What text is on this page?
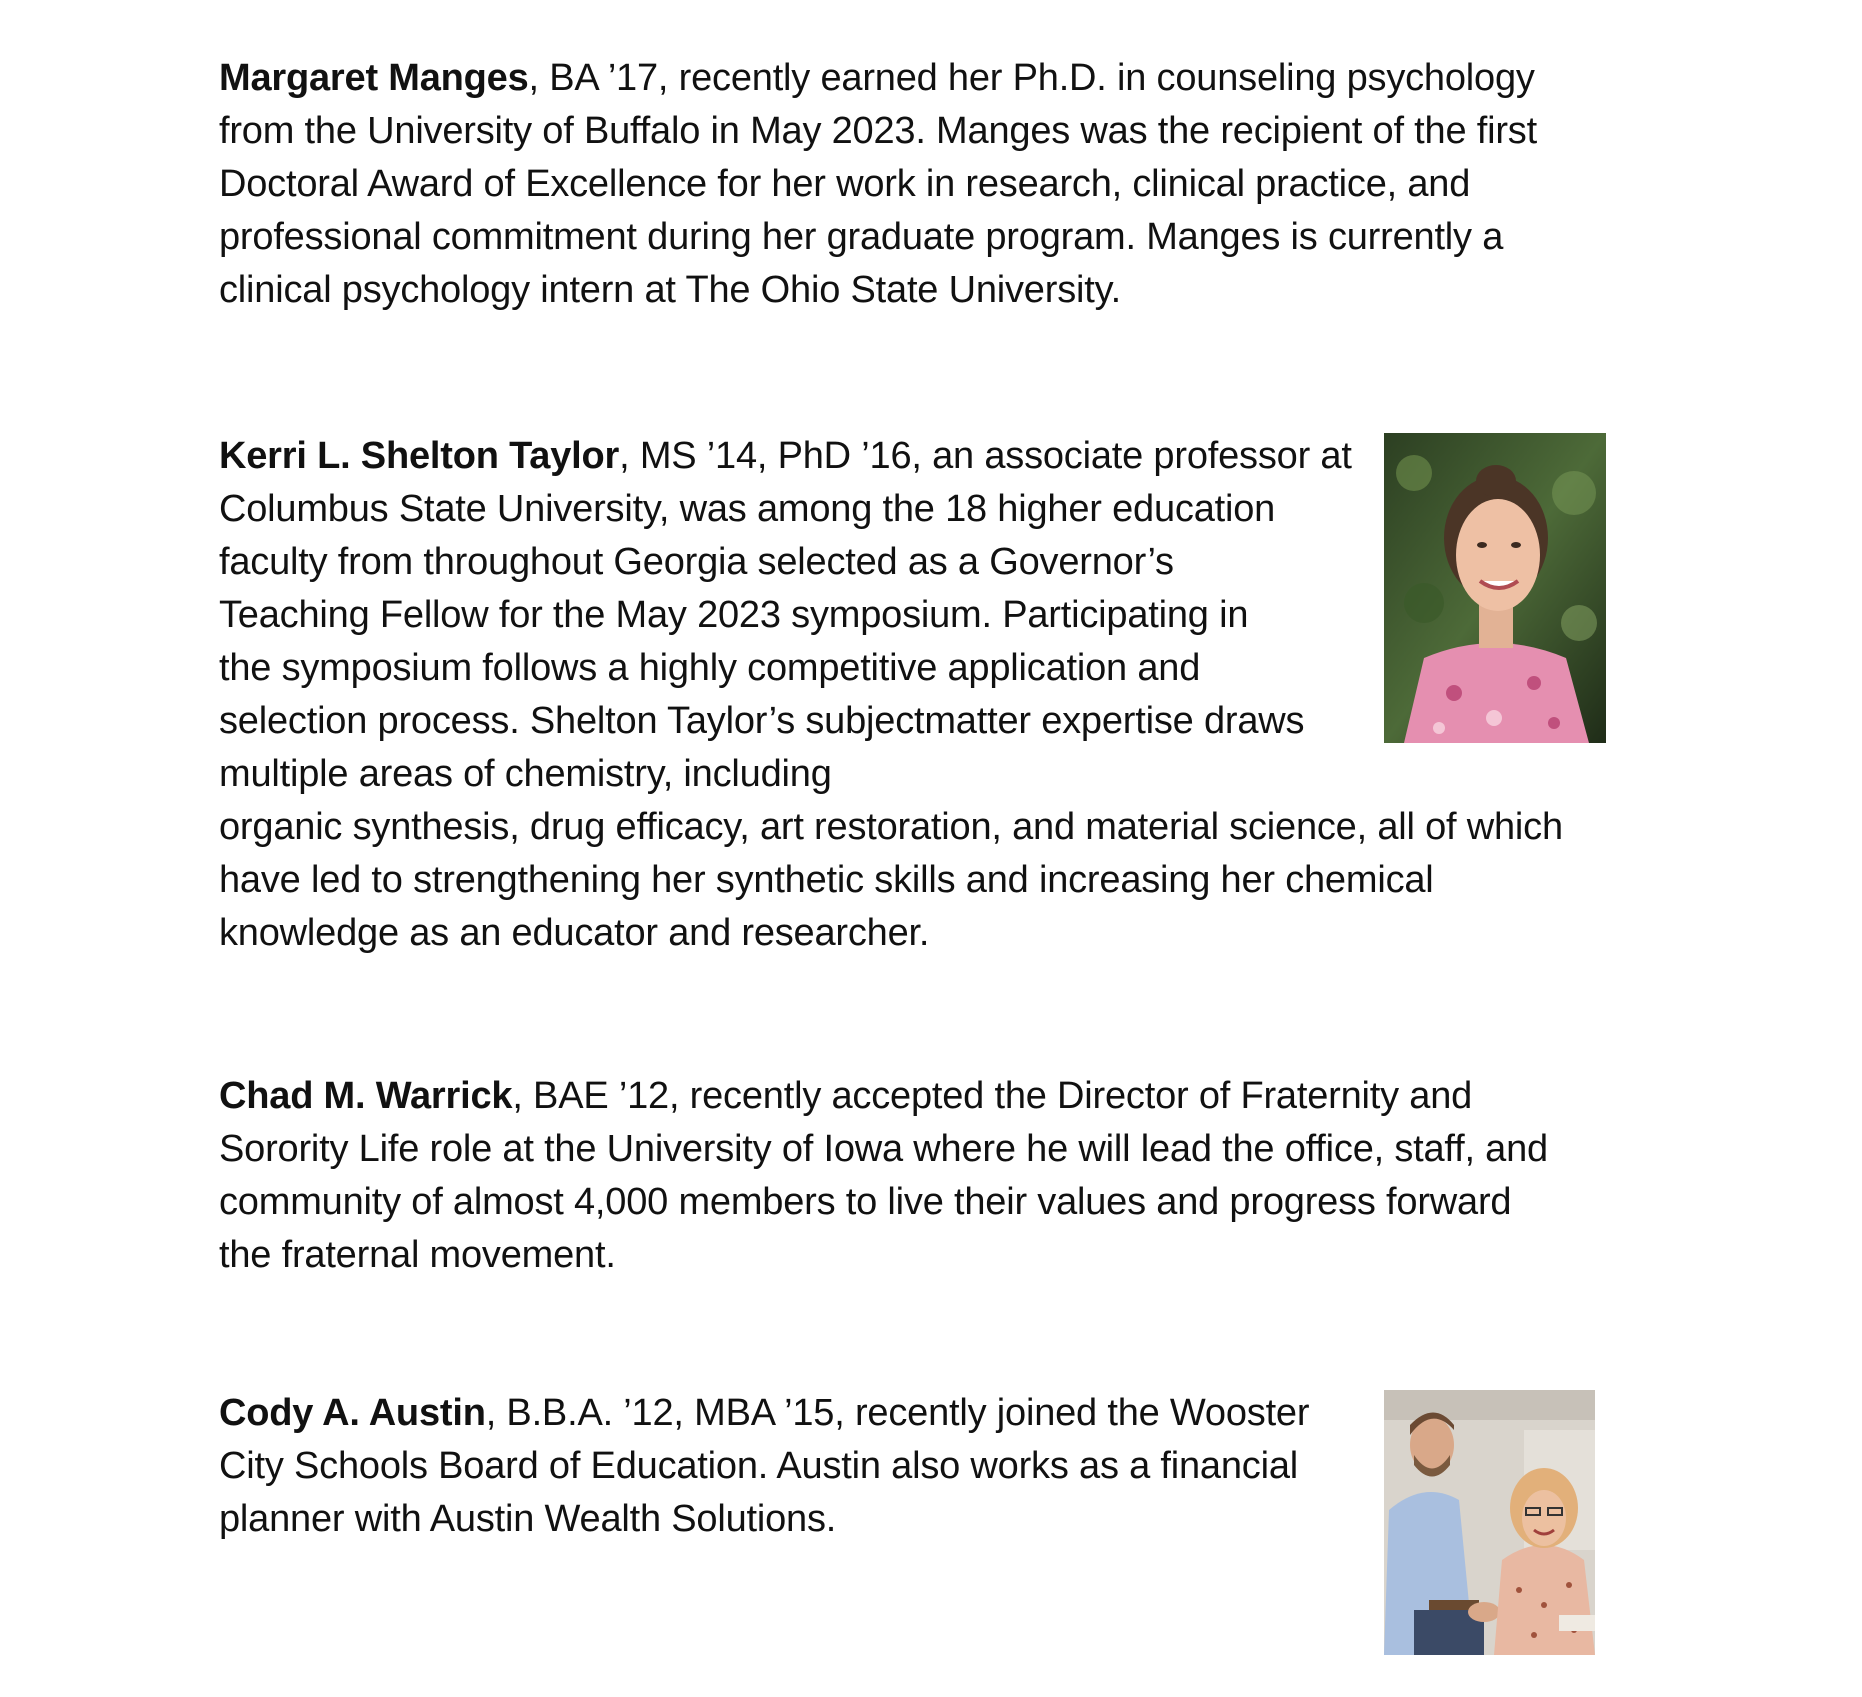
Margaret Manges, BA ’17, recently earned her Ph.D. in counseling psychology
from the University of Buffalo in May 2023. Manges was the recipient of the first
Doctoral Award of Excellence for her work in research, clinical practice, and
professional commitment during her graduate program. Manges is currently a
clinical psychology intern at The Ohio State University.
Kerri L. Shelton Taylor, MS ’14, PhD ’16, an associate professor at
Columbus State University, was among the 18 higher education
faculty from throughout Georgia selected as a Governor’s
Teaching Fellow for the May 2023 symposium. Participating in
the symposium follows a highly competitive application and
selection process. Shelton Taylor’s subjectmatter expertise draws
multiple areas of chemistry, including
organic synthesis, drug efficacy, art restoration, and material science, all of which
have led to strengthening her synthetic skills and increasing her chemical
knowledge as an educator and researcher.
Chad M. Warrick, BAE ’12, recently accepted the Director of Fraternity and
Sorority Life role at the University of Iowa where he will lead the office, staff, and
community of almost 4,000 members to live their values and progress forward
the fraternal movement.
Cody A. Austin, B.B.A. ’12, MBA ’15, recently joined the Wooster
City Schools Board of Education. Austin also works as a financial
planner with Austin Wealth Solutions.
